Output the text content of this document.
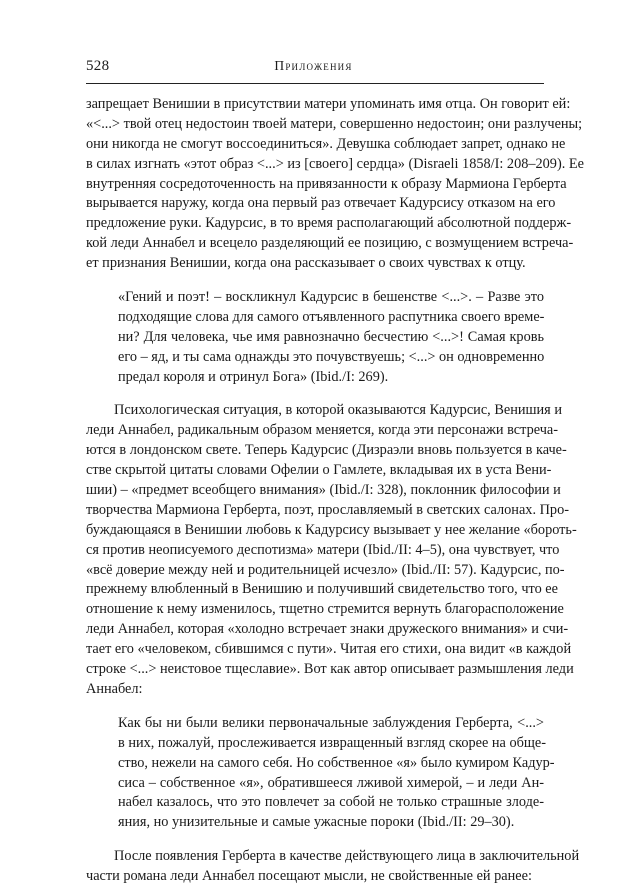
528	Приложения
запрещает Венишии в присутствии матери упоминать имя отца. Он говорит ей:
«<...> твой отец недостоин твоей матери, совершенно недостоин; они разлучены;
они никогда не смогут воссоединиться». Девушка соблюдает запрет, однако не
в силах изгнать «этот образ <...> из [своего] сердца» (Disraeli 1858/I: 208–209). Ее
внутренняя сосредоточенность на привязанности к образу Мармиона Герберта
вырывается наружу, когда она первый раз отвечает Кадурсису отказом на его
предложение руки. Кадурсис, в то время располагающий абсолютной поддерж-
кой леди Аннабел и всецело разделяющий ее позицию, с возмущением встреча-
ет признания Венишии, когда она рассказывает о своих чувствах к отцу.
«Гений и поэт! – воскликнул Кадурсис в бешенстве <...>. – Разве это
подходящие слова для самого отъявленного распутника своего време-
ни? Для человека, чье имя равнозначно бесчестию <...>! Самая кровь
его – яд, и ты сама однажды это почувствуешь; <...> он одновременно
предал короля и отринул Бога» (Ibid./I: 269).
Психологическая ситуация, в которой оказываются Кадурсис, Венишия и
леди Аннабел, радикальным образом меняется, когда эти персонажи встреча-
ются в лондонском свете. Теперь Кадурсис (Дизраэли вновь пользуется в каче-
стве скрытой цитаты словами Офелии о Гамлете, вкладывая их в уста Вени-
шии) – «предмет всеобщего внимания» (Ibid./I: 328), поклонник философии и
творчества Мармиона Герберта, поэт, прославляемый в светских салонах. Про-
буждающаяся в Венишии любовь к Кадурсису вызывает у нее желание «бороть-
ся против неописуемого деспотизма» матери (Ibid./II: 4–5), она чувствует, что
«всё доверие между ней и родительницей исчезло» (Ibid./II: 57). Кадурсис, по-
прежнему влюбленный в Венишию и получивший свидетельство того, что ее
отношение к нему изменилось, тщетно стремится вернуть благорасположение
леди Аннабел, которая «холодно встречает знаки дружеского внимания» и счи-
тает его «человеком, сбившимся с пути». Читая его стихи, она видит «в каждой
строке <...> неистовое тщеславие». Вот как автор описывает размышления леди
Аннабел:
Как бы ни были велики первоначальные заблуждения Герберта, <...>
в них, пожалуй, прослеживается извращенный взгляд скорее на обще-
ство, нежели на самого себя. Но собственное «я» было кумиром Кадур-
сиса – собственное «я», обратившееся лживой химерой, – и леди Ан-
набел казалось, что это повлечет за собой не только страшные злоде-
яния, но унизительные и самые ужасные пороки (Ibid./II: 29–30).
После появления Герберта в качестве действующего лица в заключительной
части романа леди Аннабел посещают мысли, не свойственные ей ранее:
